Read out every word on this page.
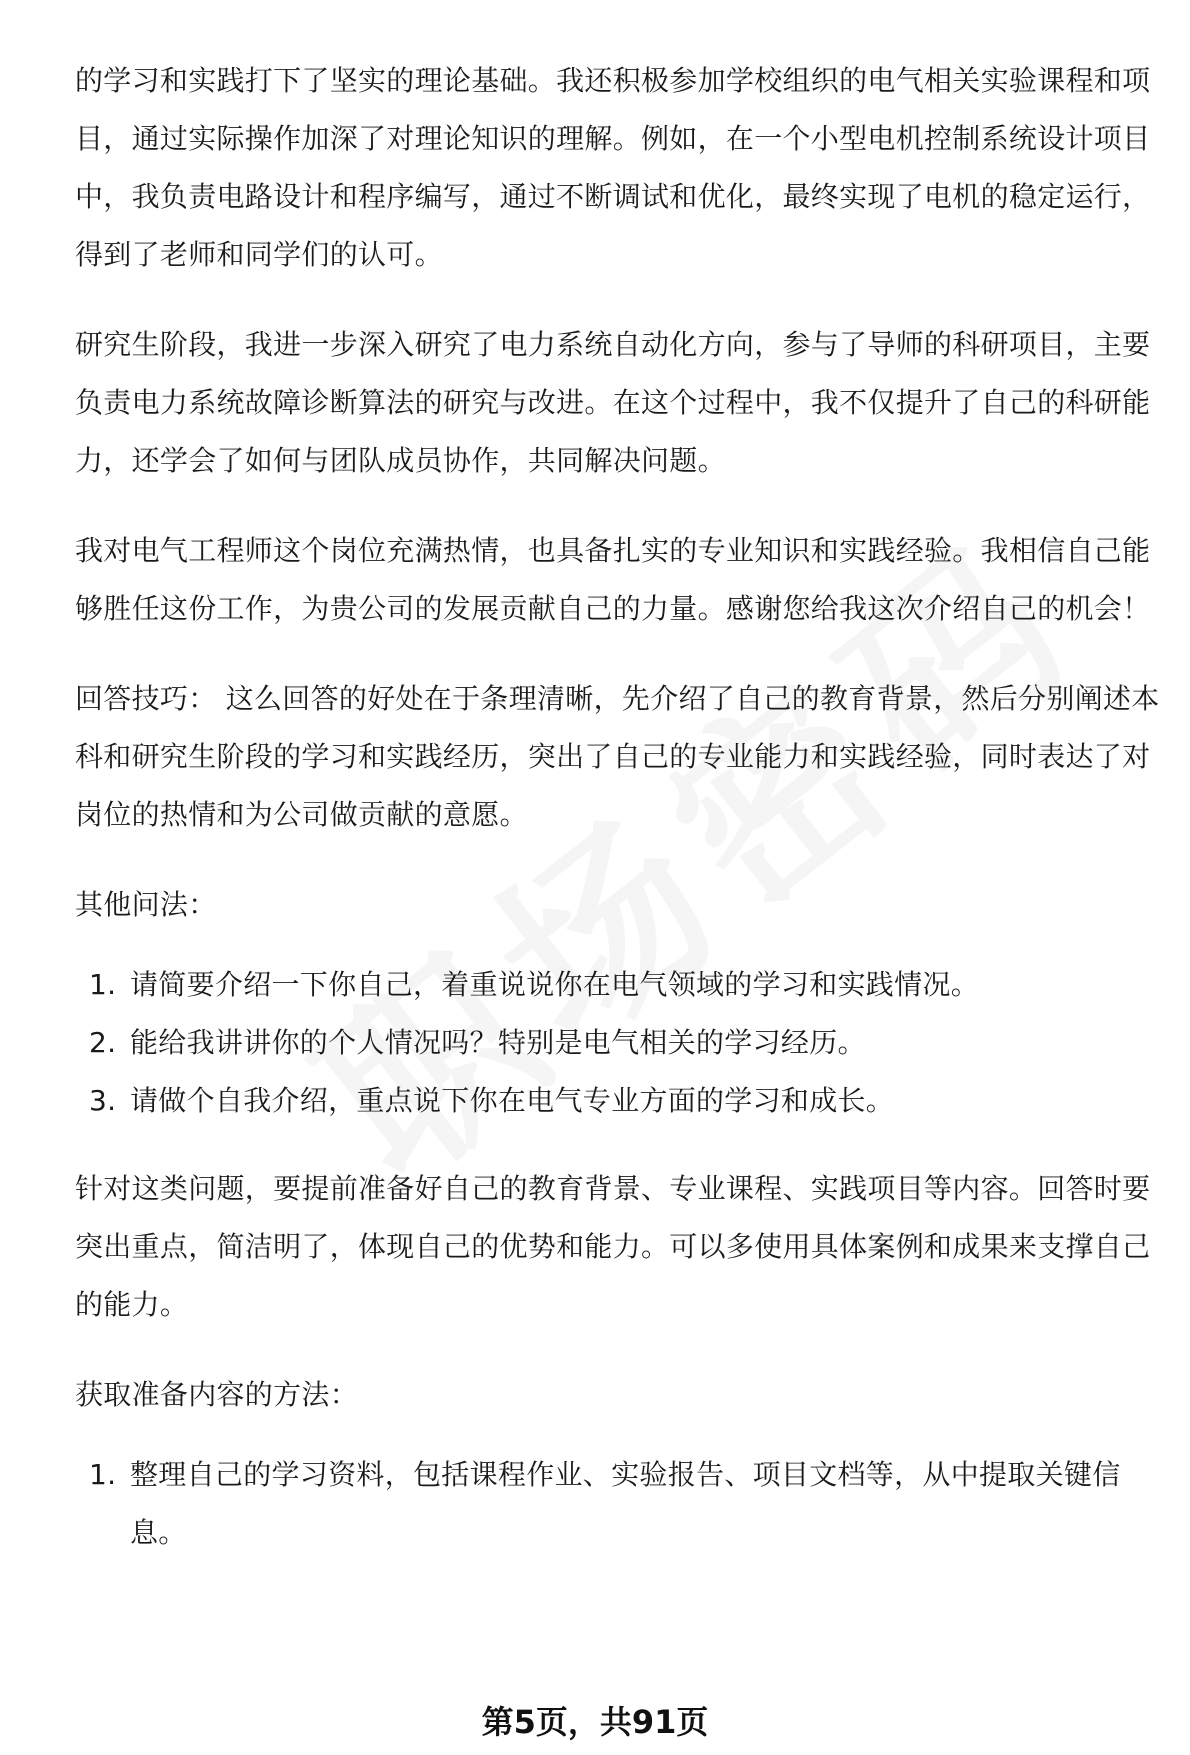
的学习和实践打下了坚实的理论基础。我还积极参加学校组织的电气相关实验课程和项目，通过实际操作加深了对理论知识的理解。例如，在一个小型电机控制系统设计项目中，我负责电路设计和程序编写，通过不断调试和优化，最终实现了电机的稳定运行，得到了老师和同学们的认可。

研究生阶段，我进一步深入研究了电力系统自动化方向，参与了导师的科研项目，主要负责电力系统故障诊断算法的研究与改进。在这个过程中，我不仅提升了自己的科研能力，还学会了如何与团队成员协作，共同解决问题。

我对电气工程师这个岗位充满热情，也具备扎实的专业知识和实践经验。我相信自己能够胜任这份工作，为贵公司的发展贡献自己的力量。感谢您给我这次介绍自己的机会！

回答技巧： 这么回答的好处在于条理清晰，先介绍了自己的教育背景，然后分别阐述本科和研究生阶段的学习和实践经历，突出了自己的专业能力和实践经验，同时表达了对岗位的热情和为公司做贡献的意愿。

其他问法：

1. 请简要介绍一下你自己，着重说说你在电气领域的学习和实践情况。
2. 能给我讲讲你的个人情况吗？特别是电气相关的学习经历。
3. 请做个自我介绍，重点说下你在电气专业方面的学习和成长。

针对这类问题，要提前准备好自己的教育背景、专业课程、实践项目等内容。回答时要突出重点，简洁明了，体现自己的优势和能力。可以多使用具体案例和成果来支撑自己的能力。

获取准备内容的方法：

1. 整理自己的学习资料，包括课程作业、实验报告、项目文档等，从中提取关键信息。
第5页，共91页
